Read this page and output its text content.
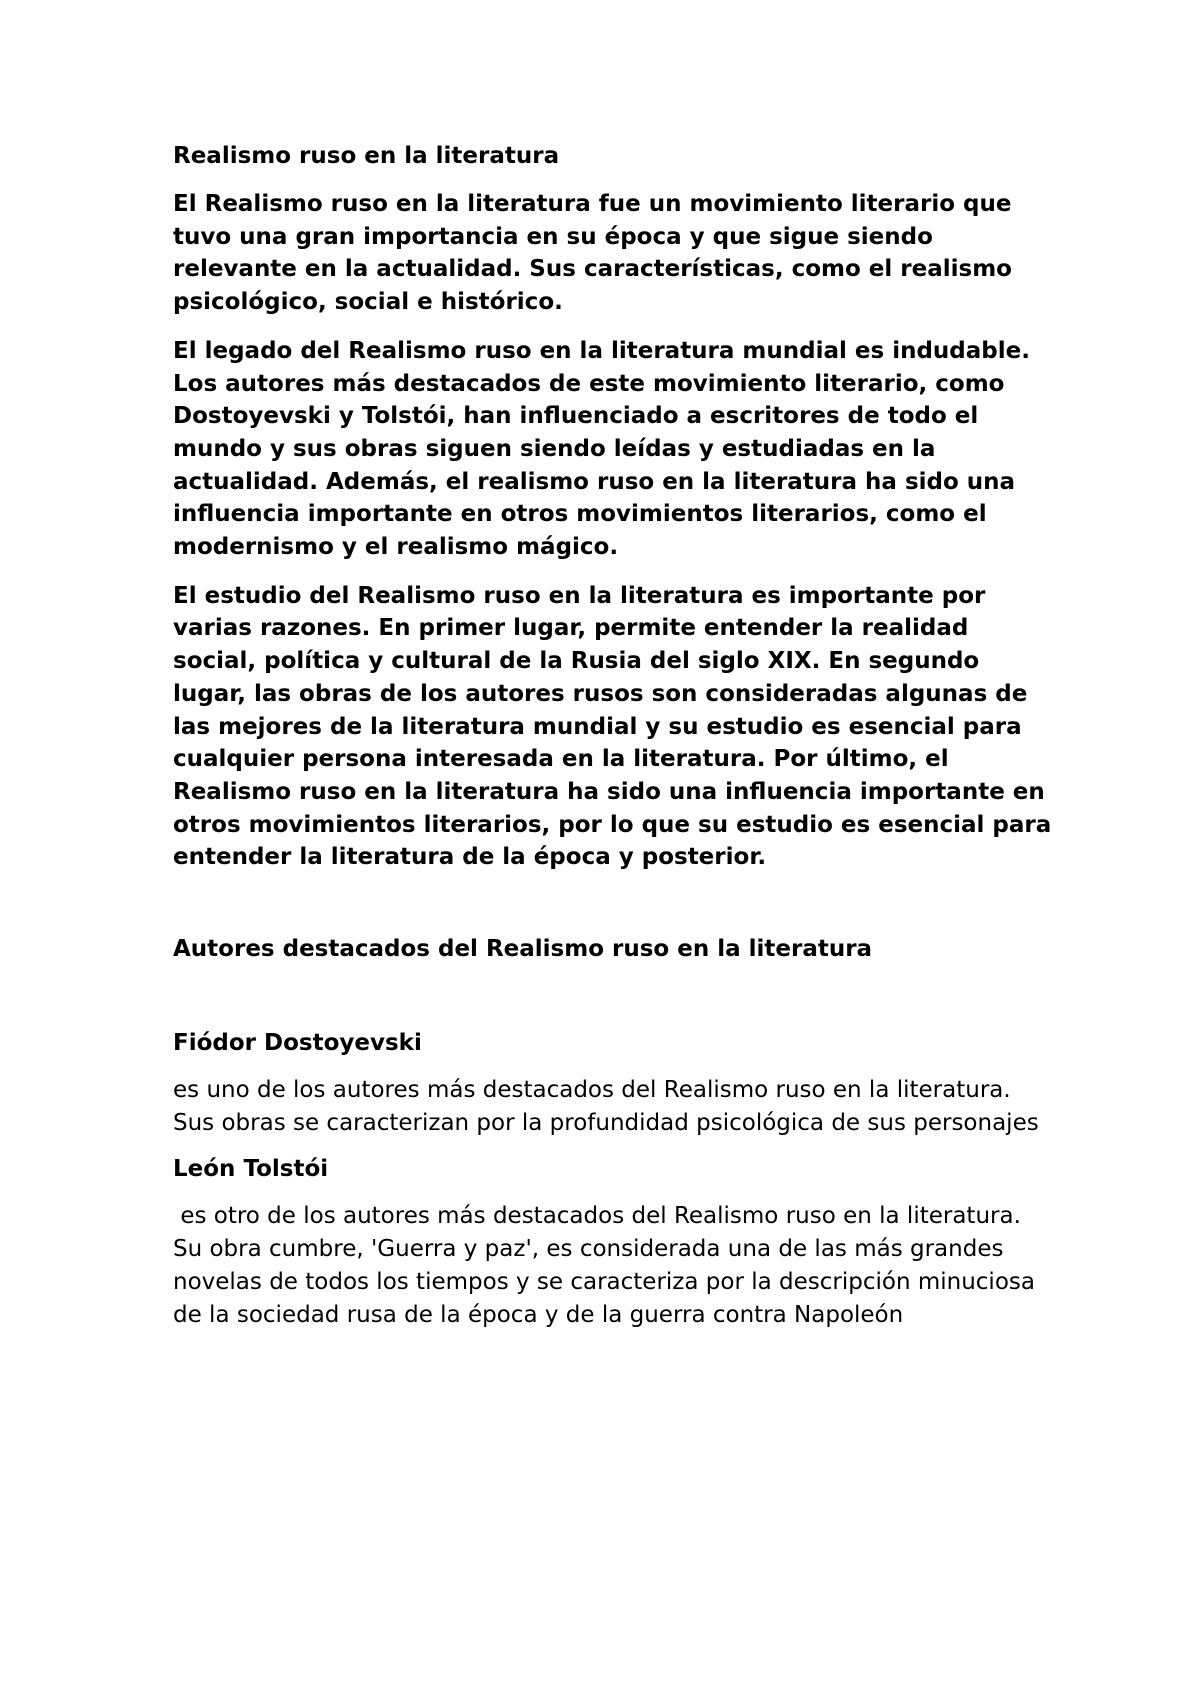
Realismo ruso en la literatura

El Realismo ruso en la literatura fue un movimiento literario que tuvo una gran importancia en su época y que sigue siendo relevante en la actualidad. Sus características, como el realismo psicológico, social e histórico.

El legado del Realismo ruso en la literatura mundial es indudable. Los autores más destacados de este movimiento literario, como Dostoyevski y Tolstói, han influenciado a escritores de todo el mundo y sus obras siguen siendo leídas y estudiadas en la actualidad. Además, el realismo ruso en la literatura ha sido una influencia importante en otros movimientos literarios, como el modernismo y el realismo mágico.

El estudio del Realismo ruso en la literatura es importante por varias razones. En primer lugar, permite entender la realidad social, política y cultural de la Rusia del siglo XIX. En segundo lugar, las obras de los autores rusos son consideradas algunas de las mejores de la literatura mundial y su estudio es esencial para cualquier persona interesada en la literatura. Por último, el Realismo ruso en la literatura ha sido una influencia importante en otros movimientos literarios, por lo que su estudio es esencial para entender la literatura de la época y posterior.

Autores destacados del Realismo ruso en la literatura
Fiódor Dostoyevski

es uno de los autores más destacados del Realismo ruso en la literatura. Sus obras se caracterizan por la profundidad psicológica de sus personajes

León Tolstói

es otro de los autores más destacados del Realismo ruso en la literatura. Su obra cumbre, 'Guerra y paz', es considerada una de las más grandes novelas de todos los tiempos y se caracteriza por la descripción minuciosa de la sociedad rusa de la época y de la guerra contra Napoleón
